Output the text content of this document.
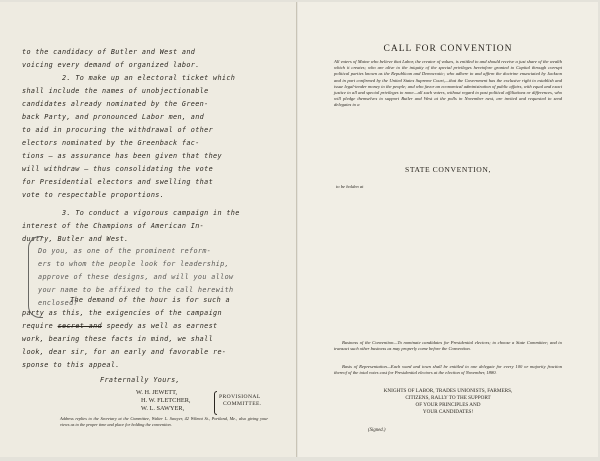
to the candidacy of Butler and West and
voicing every demand of organized labor.
2. To make up an electoral ticket which
shall include the names of unobjectionable
candidates already nominated by the Green-
back Party, and pronounced Labor men, and
to aid in procuring the withdrawal of other
electors nominated by the Greenback fac-
tions — as assurance has been given that they
will withdraw — thus consolidating the vote
for Presidential electors and swelling that
vote to respectable proportions.
3. To conduct a vigorous campaign in the
interest of the Champions of American In-
dustry, Butler and West.
Do you, as one of the prominent reform-
ers to whom the people look for leadership,
approve of these designs, and will you allow
your name to be affixed to the call herewith
enclosed?
The demand of the hour is for such a
party as this, the exigencies of the campaign
require secret and speedy as well as earnest
work, bearing these facts in mind, we shall
look, dear sir, for an early and favorable re-
sponse to this appeal.
Fraternally Yours,
W. H. JEWETT,
H. W. FLETCHER,
W. L. SAWYER,
PROVISIONAL
COMMITTEE.
Address replies to the Secretary at the Committee, Walter L. Sawyer, 42 Wilmot St., Portland, Me., also giving your views as to the proper time and place for holding the convention.
CALL FOR CONVENTION
All voters of Maine who believe that Labor, the creator of values, is entitled to and should receive a just share of the wealth which it creates; who are alive to the iniquity of the special privileges heretofore granted to Capital through corrupt political parties known as the Republican and Democratic; who adhere to and affirm the doctrine enunciated by Jackson and in part confirmed by the United States Supreme Court,—that the Government has the exclusive right to establish and issue legal-tender money to the people; and who favor an economical administration of public affairs, with equal and exact justice to all and special privileges to none—all such voters, without regard to past political affiliations or differences, who will pledge themselves to support Butler and West at the polls in November next, are invited and requested to send delegates to a
STATE CONVENTION,
to be holden at
Business of the Convention—To nominate candidates for Presidential electors; to choose a State Committee; and to transact such other business as may properly come before the Convention.
Basis of Representation—Each ward and town shall be entitled to one delegate for every 100 or majority fraction thereof of the total votes cast for Presidential electors at the election of November, 1880.
KNIGHTS OF LABOR, TRADES UNIONISTS, FARMERS,
CITIZENS, RALLY TO THE SUPPORT
OF YOUR PRINCIPLES AND
YOUR CANDIDATES!
(Signed.)
